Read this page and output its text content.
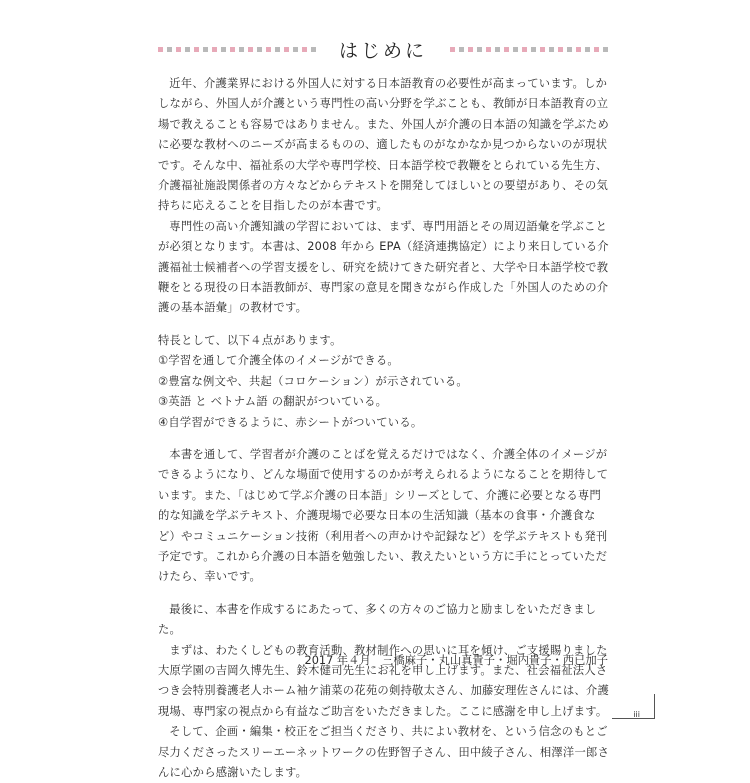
はじめに

近年、介護業界における外国人に対する日本語教育の必要性が高まっています。しかしながら、外国人が介護という専門性の高い分野を学ぶことも、教師が日本語教育の立場で教えることも容易ではありません。また、外国人が介護の日本語の知識を学ぶために必要な教材へのニーズが高まるものの、適したものがなかなか見つからないのが現状です。そんな中、福祉系の大学や専門学校、日本語学校で教鞭をとられている先生方、介護福祉施設関係者の方々などからテキストを開発してほしいとの要望があり、その気持ちに応えることを目指したのが本書です。

専門性の高い介護知識の学習においては、まず、専門用語とその周辺語彙を学ぶことが必須となります。本書は、2008 年から EPA（経済連携協定）により来日している介護福祉士候補者への学習支援をし、研究を続けてきた研究者と、大学や日本語学校で教鞭をとる現役の日本語教師が、専門家の意見を聞きながら作成した「外国人のための介護の基本語彙」の教材です。

特長として、以下４点があります。

①学習を通して介護全体のイメージができる。

②豊富な例文や、共起（コロケーション）が示されている。

③英語 と ベトナム語 の翻訳がついている。

④自学習ができるように、赤シートがついている。

本書を通して、学習者が介護のことばを覚えるだけではなく、介護全体のイメージができるようになり、どんな場面で使用するのかが考えられるようになることを期待しています。また、「はじめて学ぶ介護の日本語」シリーズとして、介護に必要となる専門的な知識を学ぶテキスト、介護現場で必要な日本の生活知識（基本の食事・介護食など）やコミュニケーション技術（利用者への声かけや記録など）を学ぶテキストも発刊予定です。これから介護の日本語を勉強したい、教えたいという方に手にとっていただけたら、幸いです。

最後に、本書を作成するにあたって、多くの方々のご協力と励ましをいただきました。

まずは、わたくしどもの教育活動、教材制作への思いに耳を傾け、ご支援賜りました大原学園の吉岡久博先生、鈴木健司先生にお礼を申し上げます。また、社会福祉法人さつき会特別養護老人ホーム袖ケ浦菜の花苑の剣持敬太さん、加藤安理佐さんには、介護現場、専門家の視点から有益なご助言をいただきました。ここに感謝を申し上げます。

そして、企画・編集・校正をご担当くださり、共によい教材を、という信念のもとご尽力くださったスリーエーネットワークの佐野智子さん、田中綾子さん、相澤洋一郎さんに心から感謝いたします。

2017 年４月　三橋麻子・丸山真貴子・堀内貴子・西已加子
iii
